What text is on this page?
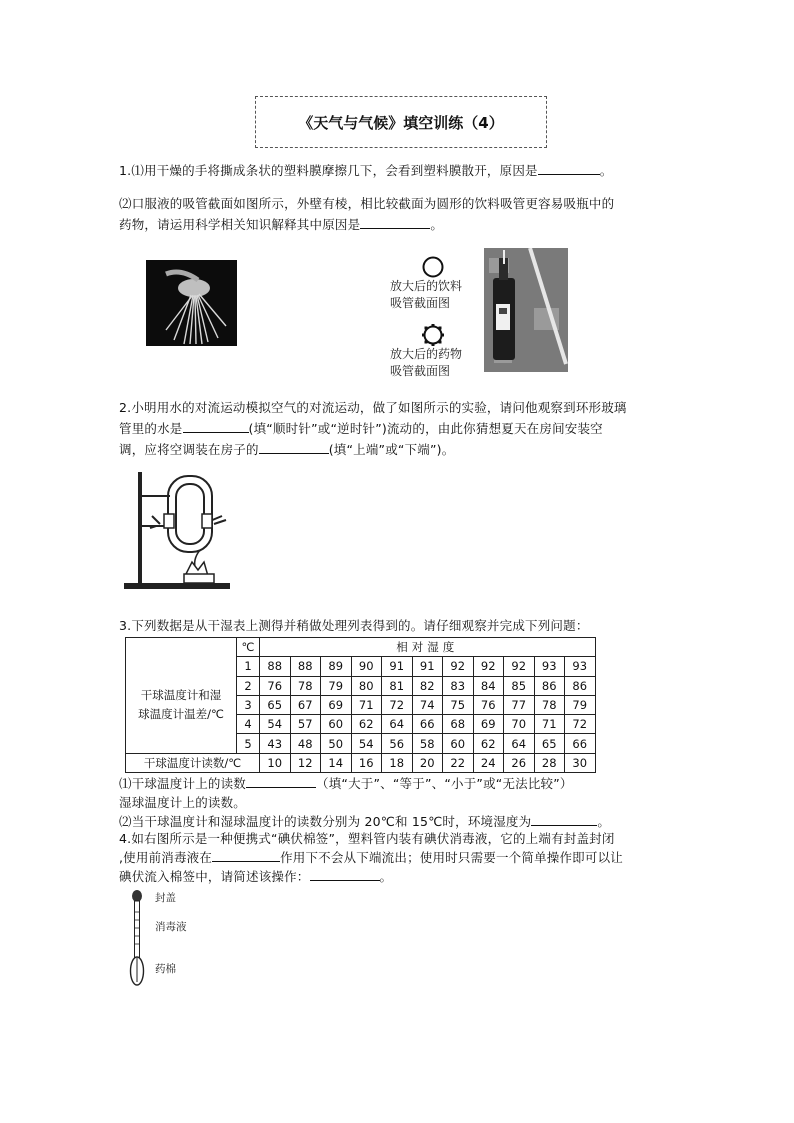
《天气与气候》填空训练（4）
1.⑴用干燥的手将撕成条状的塑料膜摩擦几下，会看到塑料膜散开，原因是	。
⑵口服液的吸管截面如图所示，外壁有棱，相比较截面为圆形的饮料吸管更容易吸瓶中的
药物，请运用科学相关知识解释其中原因是	。
放大后的饮料
吸管截面图
放大后的药物
吸管截面图
2.小明用水的对流运动模拟空气的对流运动，做了如图所示的实验，请问他观察到环形玻璃
管里的水是	(填“顺时针”或“逆时针”)流动的，由此你猜想夏天在房间安装空
调，应将空调装在房子的	(填“上端”或“下端”)。
3.下列数据是从干湿表上测得并稍做处理列表得到的。请仔细观察并完成下列问题：
	℃	相对湿度										

干球温度计和湿
球温度计温差/℃	1	88	88	89	90	91	91	92	92	92	93	93
	2	76	78	79	80	81	82	83	84	85	86	86
	3	65	67	69	71	72	74	75	76	77	78	79
	4	54	57	60	62	64	66	68	69	70	71	72
	5	43	48	50	54	56	58	60	62	64	65	66
干球温度计读数/℃		10	12	14	16	18	20	22	24	26	28	30
⑴干球温度计上的读数	（填“大于”、“等于”、“小于”或“无法比较”）
湿球温度计上的读数。
⑵当干球温度计和湿球温度计的读数分别为 20℃和 15℃时，环境湿度为	。
4.如右图所示是一种便携式“碘伏棉签”，塑料管内装有碘伏消毒液，它的上端有封盖封闭
,使用前消毒液在	作用下不会从下端流出；使用时只需要一个简单操作即可以让
碘伏流入棉签中，请简述该操作：	。
封盖
消毒液
药棉
